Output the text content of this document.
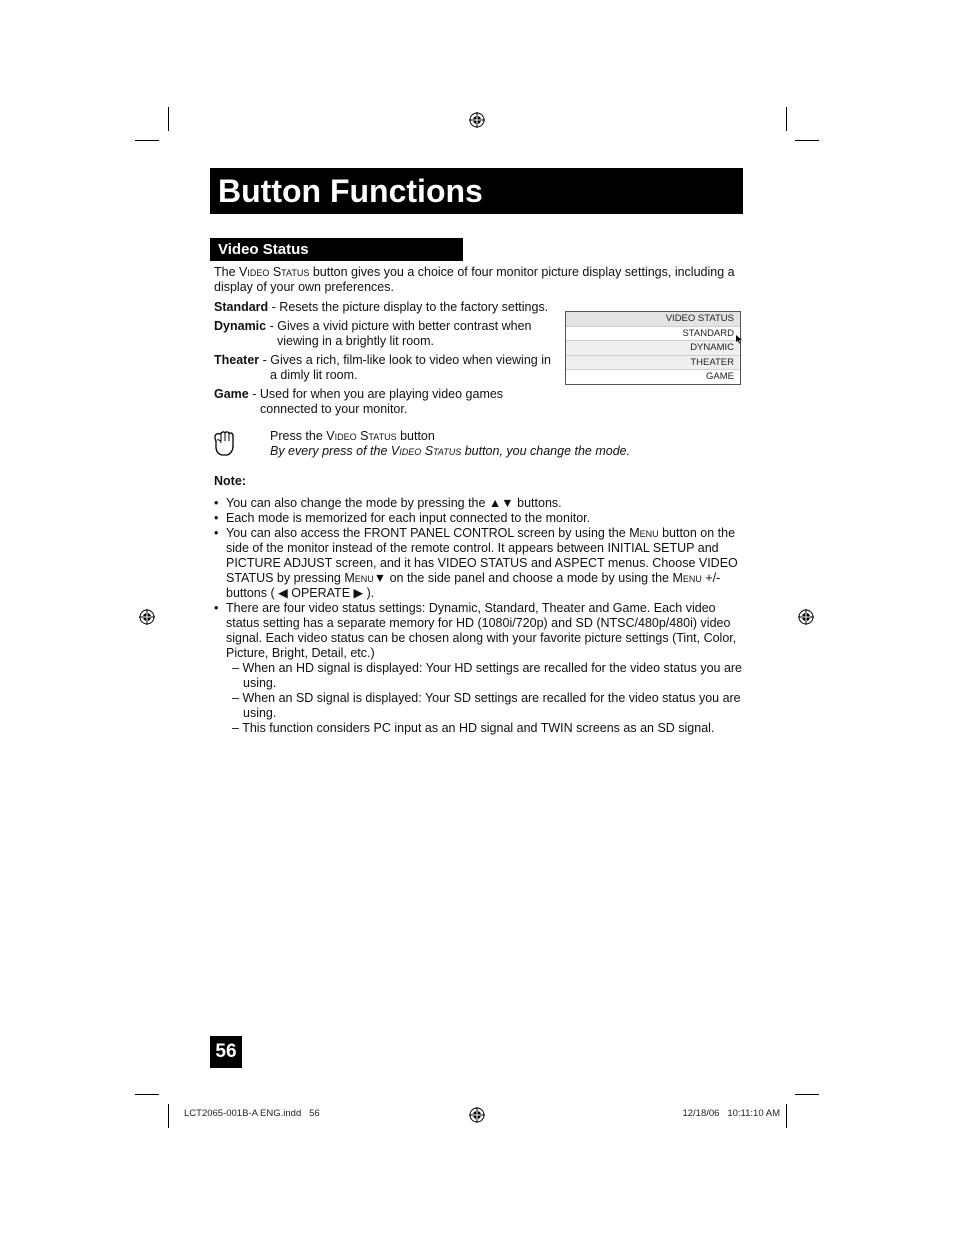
Button Functions
Video Status
The Video Status button gives you a choice of four monitor picture display settings, including a display of your own preferences.
Standard - Resets the picture display to the factory settings.
Dynamic - Gives a vivid picture with better contrast when
viewing in a brightly lit room.
Theater - Gives a rich, film-like look to video when viewing in
a dimly lit room.
Game - Used for when you are playing video games
connected to your monitor.
VIDEO STATUS
STANDARD
DYNAMIC
THEATER
GAME
Press the Video Status button
By every press of the Video Status button, you change the mode.
Note:
• You can also change the mode by pressing the ▲▼ buttons.
• Each mode is memorized for each input connected to the monitor.
• You can also access the FRONT PANEL CONTROL screen by using the Menu button on the side of the monitor instead of the remote control. It appears between INITIAL SETUP and PICTURE ADJUST screen, and it has VIDEO STATUS and ASPECT menus. Choose VIDEO STATUS by pressing Menu▼ on the side panel and choose a mode by using the Menu +/- buttons ( ◀ OPERATE ▶ ).
• There are four video status settings: Dynamic, Standard, Theater and Game. Each video status setting has a separate memory for HD (1080i/720p) and SD (NTSC/480p/480i) video signal. Each video status can be chosen along with your favorite picture settings (Tint, Color, Picture, Bright, Detail, etc.)
– When an HD signal is displayed: Your HD settings are recalled for the video status you are using.
– When an SD signal is displayed: Your SD settings are recalled for the video status you are using.
– This function considers PC input as an HD signal and TWIN screens as an SD signal.
56
LCT2065-001B-A ENG.indd   56	12/18/06   10:11:10 AM
